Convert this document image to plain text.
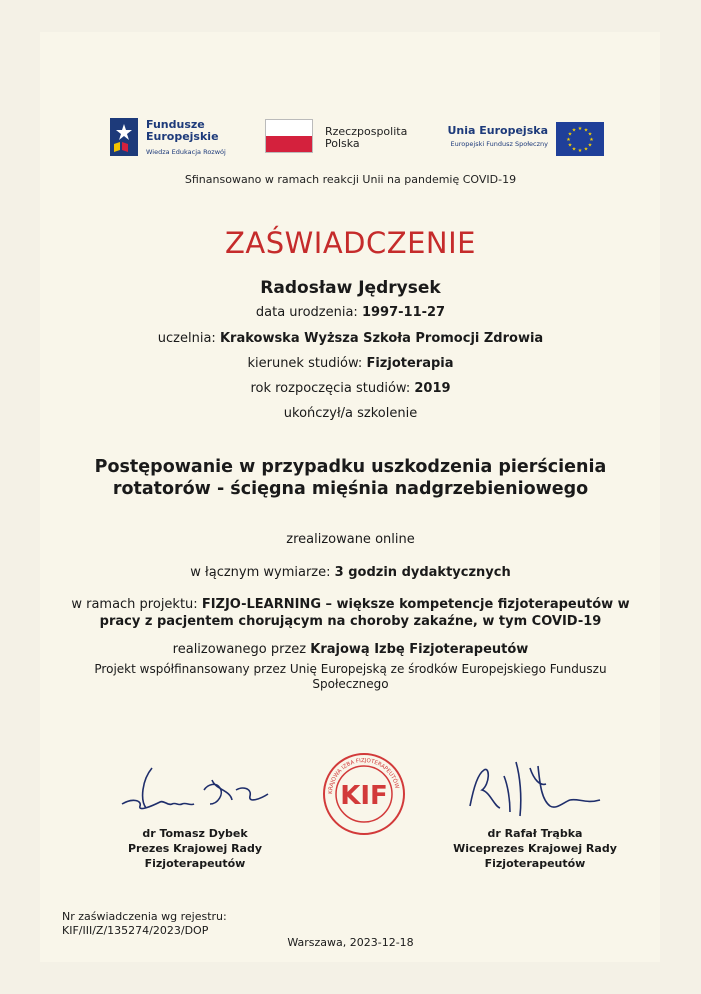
Fundusze
Europejskie
Wiedza Edukacja Rozwój
Rzeczpospolita
Polska
Unia Europejska
Europejski Fundusz Społeczny
★ ★
★
★
★
★
★
★
★
★
★
★
Sfinansowano w ramach reakcji Unii na pandemię COVID-19
ZAŚWIADCZENIE
Radosław Jędrysek
data urodzenia: 1997-11-27
uczelnia: Krakowska Wyższa Szkoła Promocji Zdrowia
kierunek studiów: Fizjoterapia
rok rozpoczęcia studiów: 2019
ukończył/a szkolenie
Postępowanie w przypadku uszkodzenia pierścienia
rotatorów - ścięgna mięśnia nadgrzebieniowego
zrealizowane online
w łącznym wymiarze: 3 godzin dydaktycznych
w ramach projektu: FIZJO-LEARNING – większe kompetencje fizjoterapeutów w
pracy z pacjentem chorującym na choroby zakaźne, w tym COVID-19
realizowanego przez Krajową Izbę Fizjoterapeutów
Projekt współfinansowany przez Unię Europejską ze środków Europejskiego Funduszu Społecznego
dr Tomasz Dybek
Prezes Krajowej Rady
Fizjoterapeutów
KRAJOWA IZBA FIZJOTERAPEUTÓW
KIF
dr Rafał Trąbka
Wiceprezes Krajowej Rady
Fizjoterapeutów
Nr zaświadczenia wg rejestru:
KIF/III/Z/135274/2023/DOP
Warszawa, 2023-12-18
